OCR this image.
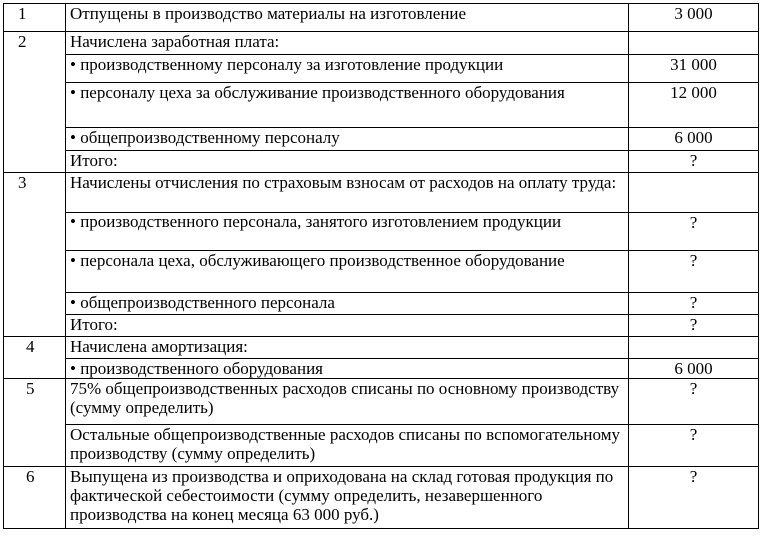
1	Отпущены в производство материалы на изготовление	3 000
2	Начислена заработная плата:	
	• производственному персоналу за изготовление продукции	31 000
	• персоналу цеха за обслуживание производственного оборудования	12 000
	• общепроизводственному персоналу	6 000
	Итого:	?
3	Начислены отчисления по страховым взносам от расходов на оплату труда:	
	• производственного персонала, занятого изготовлением продукции	?
	• персонала цеха, обслуживающего производственное оборудование	?
	• общепроизводственного персонала	?
	Итого:	?
4	Начислена амортизация:	
	• производственного оборудования	6 000
5	75% общепроизводственных расходов списаны по основному производству (сумму определить)	?
	Остальные общепроизводственные расходов списаны по вспомогательному производству (сумму определить)	?
6	Выпущена из производства и оприходована на склад готовая продукция по фактической себестоимости (сумму определить, незавершенного производства на конец месяца 63 000 руб.)	?
